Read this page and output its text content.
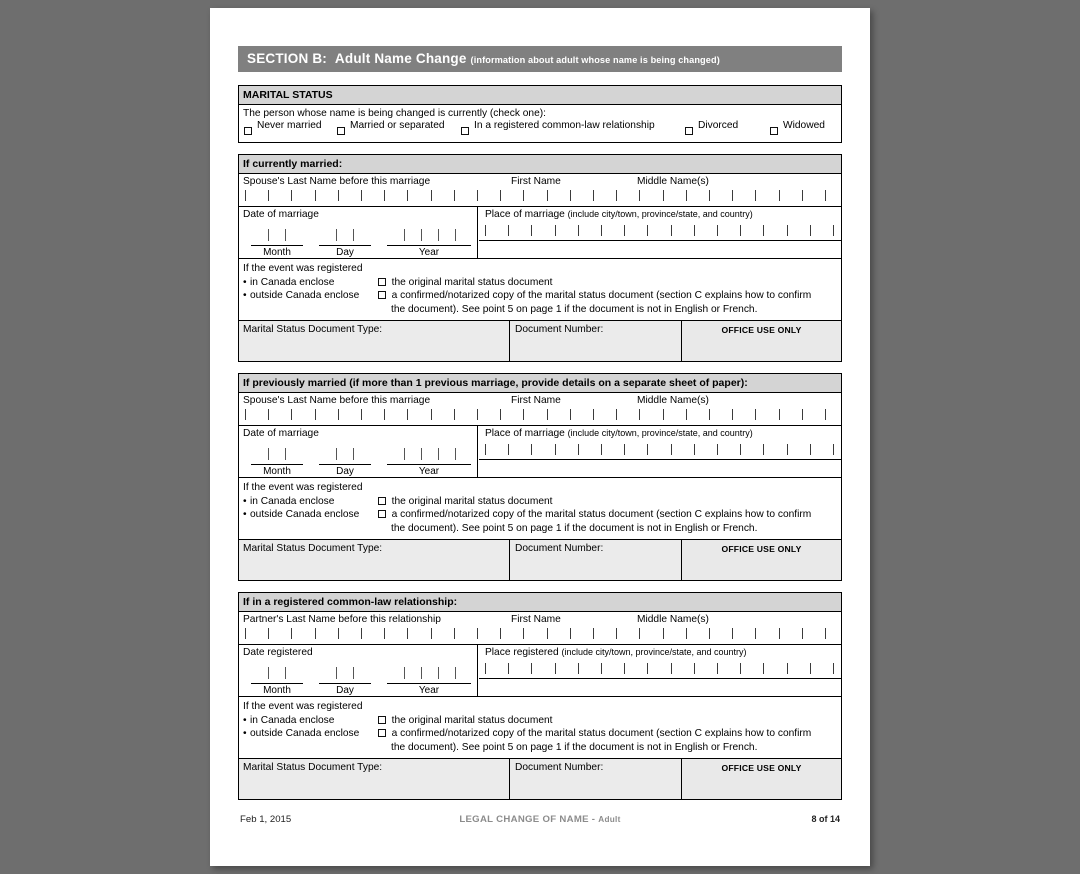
SECTION B: Adult Name Change (information about adult whose name is being changed)
MARITAL STATUS
The person whose name is being changed is currently (check one):
Never married	Married or separated	In a registered common-law relationship	Divorced	Widowed
If currently married:
Spouse's Last Name before this marriage	First Name	Middle Name(s)
Date of marriage
Month	Day	Year
Place of marriage (include city/town, province/state, and country)
If the event was registered
• in Canada enclose	the original marital status document
• outside Canada enclose	a confirmed/notarized copy of the marital status document (section C explains how to confirm
the document). See point 5 on page 1 if the document is not in English or French.
Marital Status Document Type:	Document Number:	OFFICE USE ONLY
If previously married (if more than 1 previous marriage, provide details on a separate sheet of paper):
Spouse's Last Name before this marriage	First Name	Middle Name(s)
Date of marriage
Month	Day	Year
Place of marriage (include city/town, province/state, and country)
If the event was registered
• in Canada enclose	the original marital status document
• outside Canada enclose	a confirmed/notarized copy of the marital status document (section C explains how to confirm
the document). See point 5 on page 1 if the document is not in English or French.
Marital Status Document Type:	Document Number:	OFFICE USE ONLY
If in a registered common-law relationship:
Partner's Last Name before this relationship	First Name	Middle Name(s)
Date registered
Month	Day	Year
Place registered (include city/town, province/state, and country)
If the event was registered
• in Canada enclose	the original marital status document
• outside Canada enclose	a confirmed/notarized copy of the marital status document (section C explains how to confirm
the document). See point 5 on page 1 if the document is not in English or French.
Marital Status Document Type:	Document Number:	OFFICE USE ONLY
Feb 1, 2015	LEGAL CHANGE OF NAME - Adult	8 of 14
